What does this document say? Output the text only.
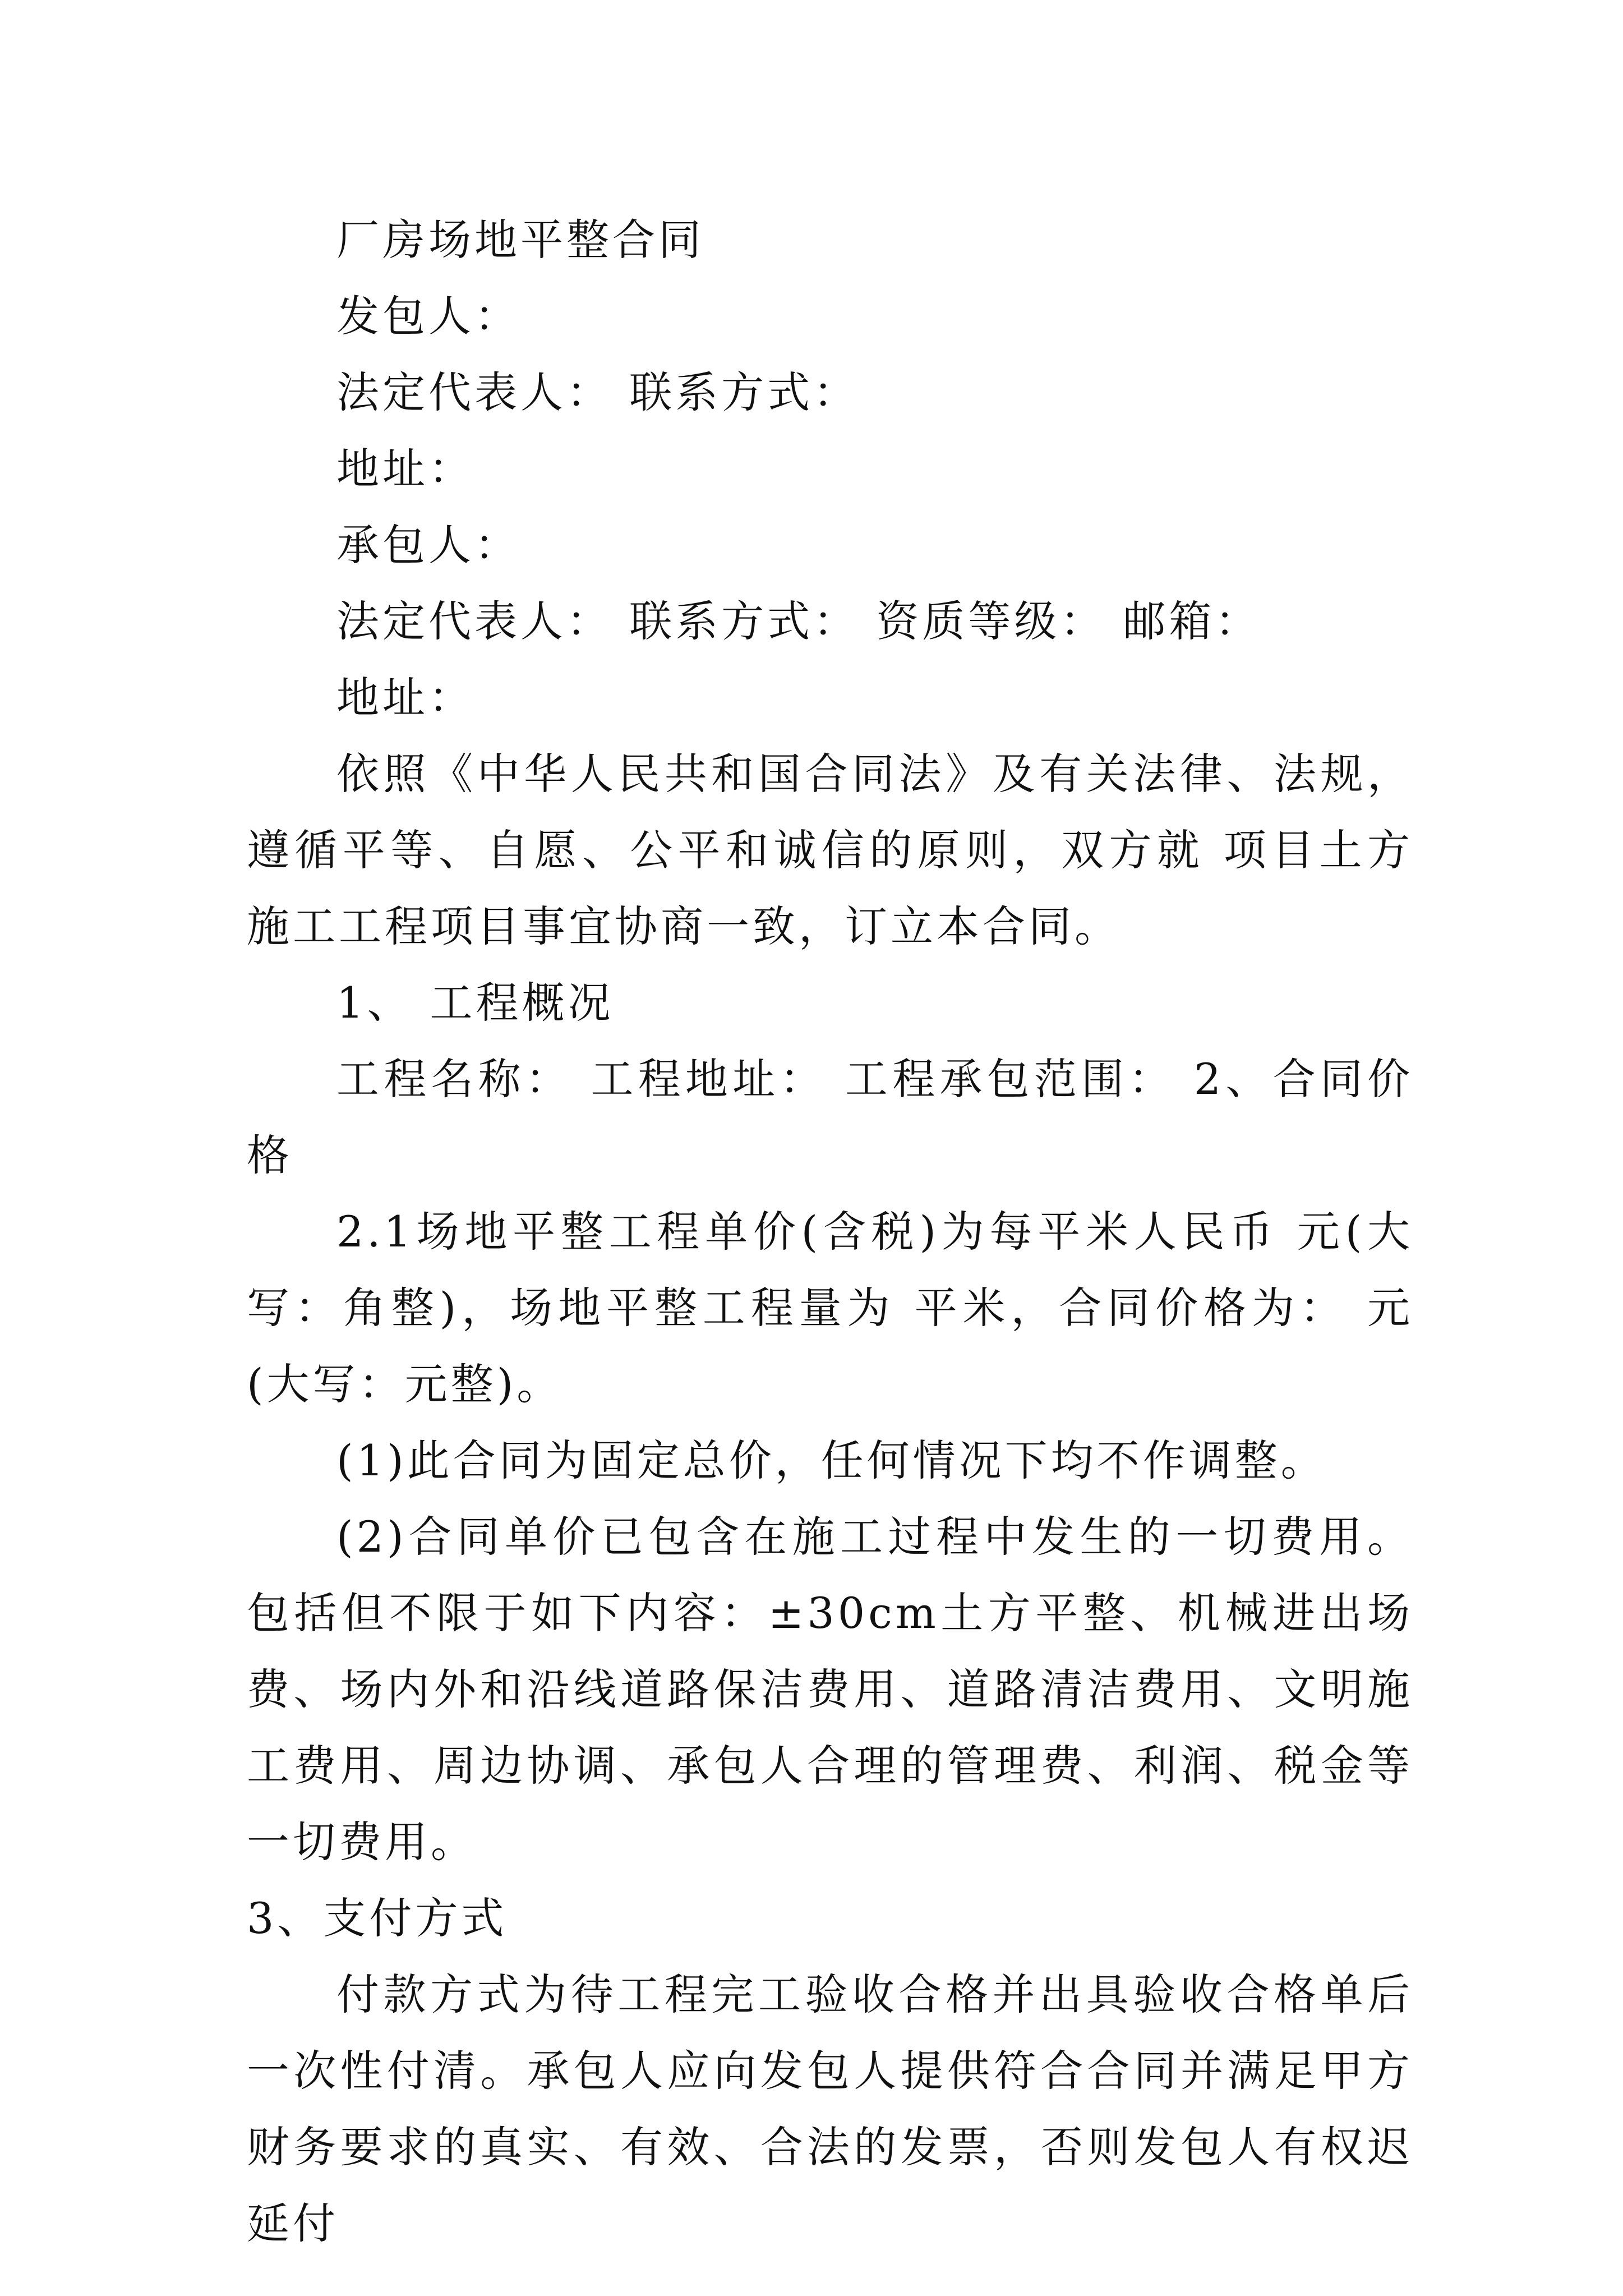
厂房场地平整合同

发包人：

法定代表人： 联系方式：

地址：

承包人：

法定代表人： 联系方式： 资质等级： 邮箱：

地址：

依照《中华人民共和国合同法》及有关法律、法规，遵循平等、自愿、公平和诚信的原则，双方就 项目土方施工工程项目事宜协商一致，订立本合同。

1、 工程概况

工程名称： 工程地址： 工程承包范围： 2、合同价格

2.1场地平整工程单价(含税)为每平米人民币 元(大写：角整)，场地平整工程量为 平米，合同价格为： 元(大写：元整)。

(1)此合同为固定总价，任何情况下均不作调整。

(2)合同单价已包含在施工过程中发生的一切费用。包括但不限于如下内容：±30cm土方平整、机械进出场费、场内外和沿线道路保洁费用、道路清洁费用、文明施工费用、周边协调、承包人合理的管理费、利润、税金等一切费用。

3、支付方式

付款方式为待工程完工验收合格并出具验收合格单后一次性付清。承包人应向发包人提供符合合同并满足甲方财务要求的真实、有效、合法的发票，否则发包人有权迟延付
